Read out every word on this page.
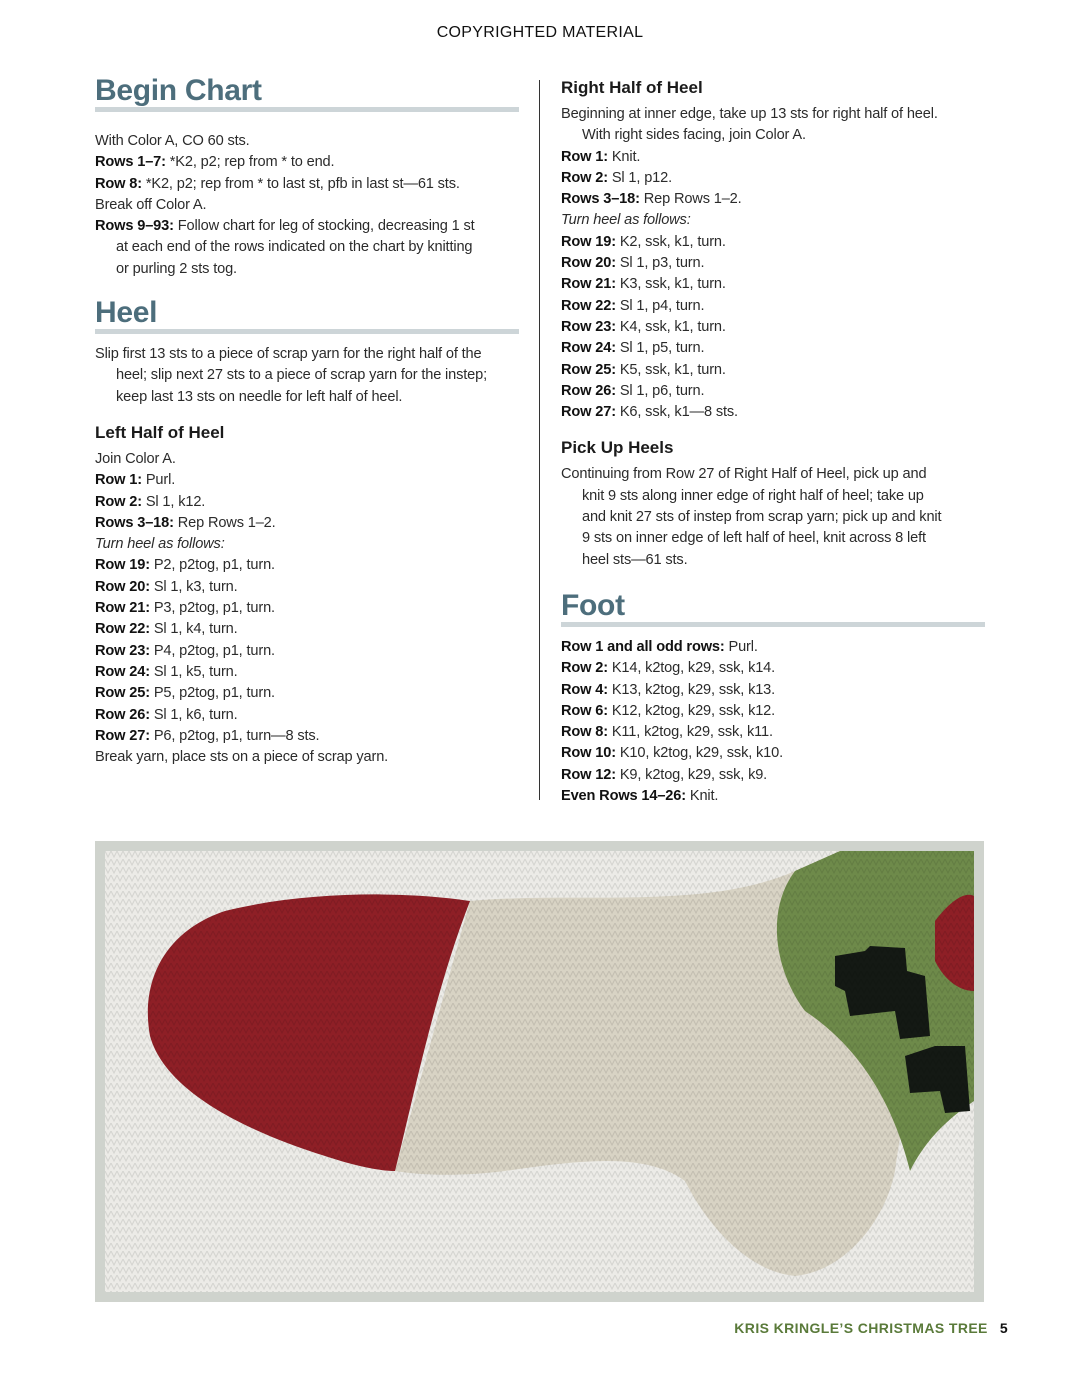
COPYRIGHTED MATERIAL
Begin Chart
With Color A, CO 60 sts.
Rows 1–7: *K2, p2; rep from * to end.
Row 8: *K2, p2; rep from * to last st, pfb in last st—61 sts.
Break off Color A.
Rows 9–93: Follow chart for leg of stocking, decreasing 1 st
at each end of the rows indicated on the chart by knitting
or purling 2 sts tog.
Heel
Slip first 13 sts to a piece of scrap yarn for the right half of the
heel; slip next 27 sts to a piece of scrap yarn for the instep;
keep last 13 sts on needle for left half of heel.
Left Half of Heel
Join Color A.
Row 1: Purl.
Row 2: Sl 1, k12.
Rows 3–18: Rep Rows 1–2.
Turn heel as follows:
Row 19: P2, p2tog, p1, turn.
Row 20: Sl 1, k3, turn.
Row 21: P3, p2tog, p1, turn.
Row 22: Sl 1, k4, turn.
Row 23: P4, p2tog, p1, turn.
Row 24: Sl 1, k5, turn.
Row 25: P5, p2tog, p1, turn.
Row 26: Sl 1, k6, turn.
Row 27: P6, p2tog, p1, turn—8 sts.
Break yarn, place sts on a piece of scrap yarn.
Right Half of Heel
Beginning at inner edge, take up 13 sts for right half of heel.
With right sides facing, join Color A.
Row 1: Knit.
Row 2: Sl 1, p12.
Rows 3–18: Rep Rows 1–2.
Turn heel as follows:
Row 19: K2, ssk, k1, turn.
Row 20: Sl 1, p3, turn.
Row 21: K3, ssk, k1, turn.
Row 22: Sl 1, p4, turn.
Row 23: K4, ssk, k1, turn.
Row 24: Sl 1, p5, turn.
Row 25: K5, ssk, k1, turn.
Row 26: Sl 1, p6, turn.
Row 27: K6, ssk, k1—8 sts.
Pick Up Heels
Continuing from Row 27 of Right Half of Heel, pick up and
knit 9 sts along inner edge of right half of heel; take up
and knit 27 sts of instep from scrap yarn; pick up and knit
9 sts on inner edge of left half of heel, knit across 8 left
heel sts—61 sts.
Foot
Row 1 and all odd rows: Purl.
Row 2: K14, k2tog, k29, ssk, k14.
Row 4: K13, k2tog, k29, ssk, k13.
Row 6: K12, k2tog, k29, ssk, k12.
Row 8: K11, k2tog, k29, ssk, k11.
Row 10: K10, k2tog, k29, ssk, k10.
Row 12: K9, k2tog, k29, ssk, k9.
Even Rows 14–26: Knit.
KRIS KRINGLE’S CHRISTMAS TREE 5
